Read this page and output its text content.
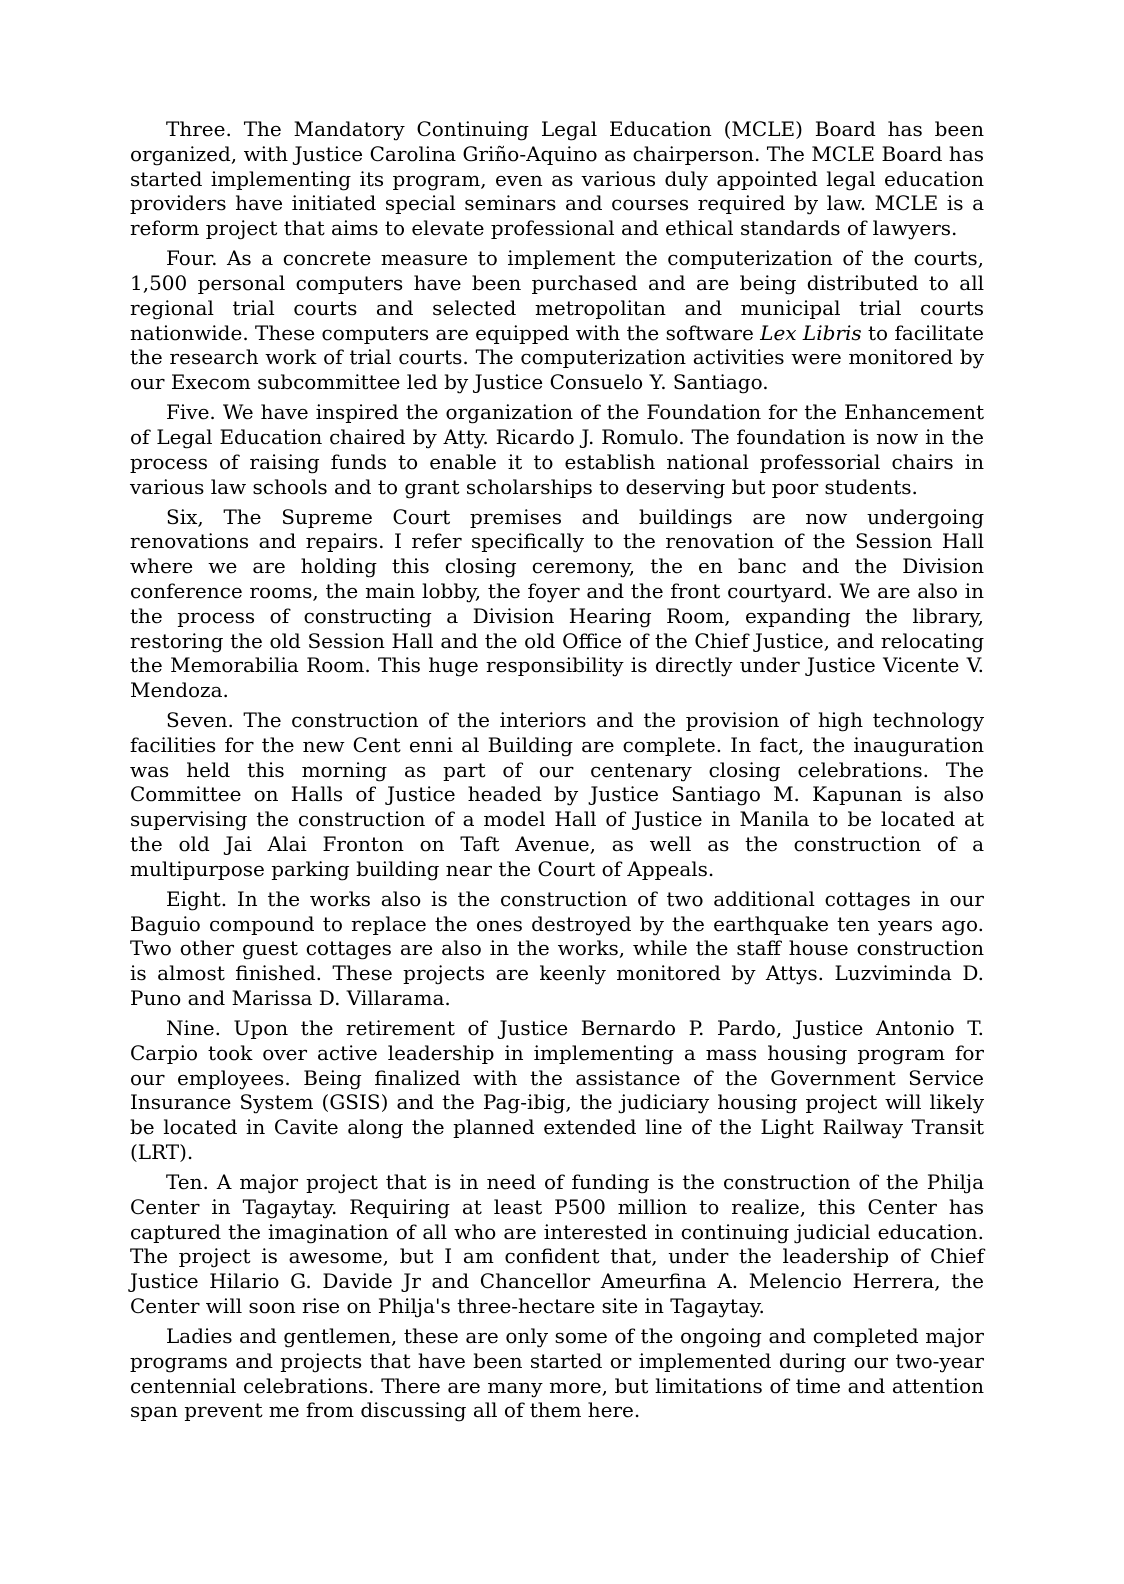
Three. The Mandatory Continuing Legal Education (MCLE) Board has been organized, with Justice Carolina Griño-Aquino as chairperson. The MCLE Board has started implementing its program, even as various duly appointed legal education providers have initiated special seminars and courses required by law. MCLE is a reform project that aims to elevate professional and ethical standards of lawyers.

Four. As a concrete measure to implement the computerization of the courts, 1,500 personal computers have been purchased and are being distributed to all regional trial courts and selected metropolitan and municipal trial courts nationwide. These computers are equipped with the software Lex Libris to facilitate the research work of trial courts. The computerization activities were monitored by our Execom subcommittee led by Justice Consuelo Y. Santiago.

Five. We have inspired the organization of the Foundation for the Enhancement of Legal Education chaired by Atty. Ricardo J. Romulo. The foundation is now in the process of raising funds to enable it to establish national professorial chairs in various law schools and to grant scholarships to deserving but poor students.

Six, The Supreme Court premises and buildings are now undergoing renovations and repairs. I refer specifically to the renovation of the Session Hall where we are holding this closing ceremony, the en banc and the Division conference rooms, the main lobby, the foyer and the front courtyard. We are also in the process of constructing a Division Hearing Room, expanding the library, restoring the old Session Hall and the old Office of the Chief Justice, and relocating the Memorabilia Room. This huge responsibility is directly under Justice Vicente V. Mendoza.

Seven. The construction of the interiors and the provision of high technology facilities for the new Cent enni al Building are complete. In fact, the inauguration was held this morning as part of our centenary closing celebrations. The Committee on Halls of Justice headed by Justice Santiago M. Kapunan is also supervising the construction of a model Hall of Justice in Manila to be located at the old Jai Alai Fronton on Taft Avenue, as well as the construction of a multipurpose parking building near the Court of Appeals.

Eight. In the works also is the construction of two additional cottages in our Baguio compound to replace the ones destroyed by the earthquake ten years ago. Two other guest cottages are also in the works, while the staff house construction is almost finished. These projects are keenly monitored by Attys. Luzviminda D. Puno and Marissa D. Villarama.

Nine. Upon the retirement of Justice Bernardo P. Pardo, Justice Antonio T. Carpio took over active leadership in implementing a mass housing program for our employees. Being finalized with the assistance of the Government Service Insurance System (GSIS) and the Pag-ibig, the judiciary housing project will likely be located in Cavite along the planned extended line of the Light Railway Transit (LRT).

Ten. A major project that is in need of funding is the construction of the Philja Center in Tagaytay. Requiring at least P500 million to realize, this Center has captured the imagination of all who are interested in continuing judicial education. The project is awesome, but I am confident that, under the leadership of Chief Justice Hilario G. Davide Jr and Chancellor Ameurfina A. Melencio Herrera, the Center will soon rise on Philja's three-hectare site in Tagaytay.

Ladies and gentlemen, these are only some of the ongoing and completed major programs and projects that have been started or implemented during our two-year centennial celebrations. There are many more, but limitations of time and attention span prevent me from discussing all of them here.
